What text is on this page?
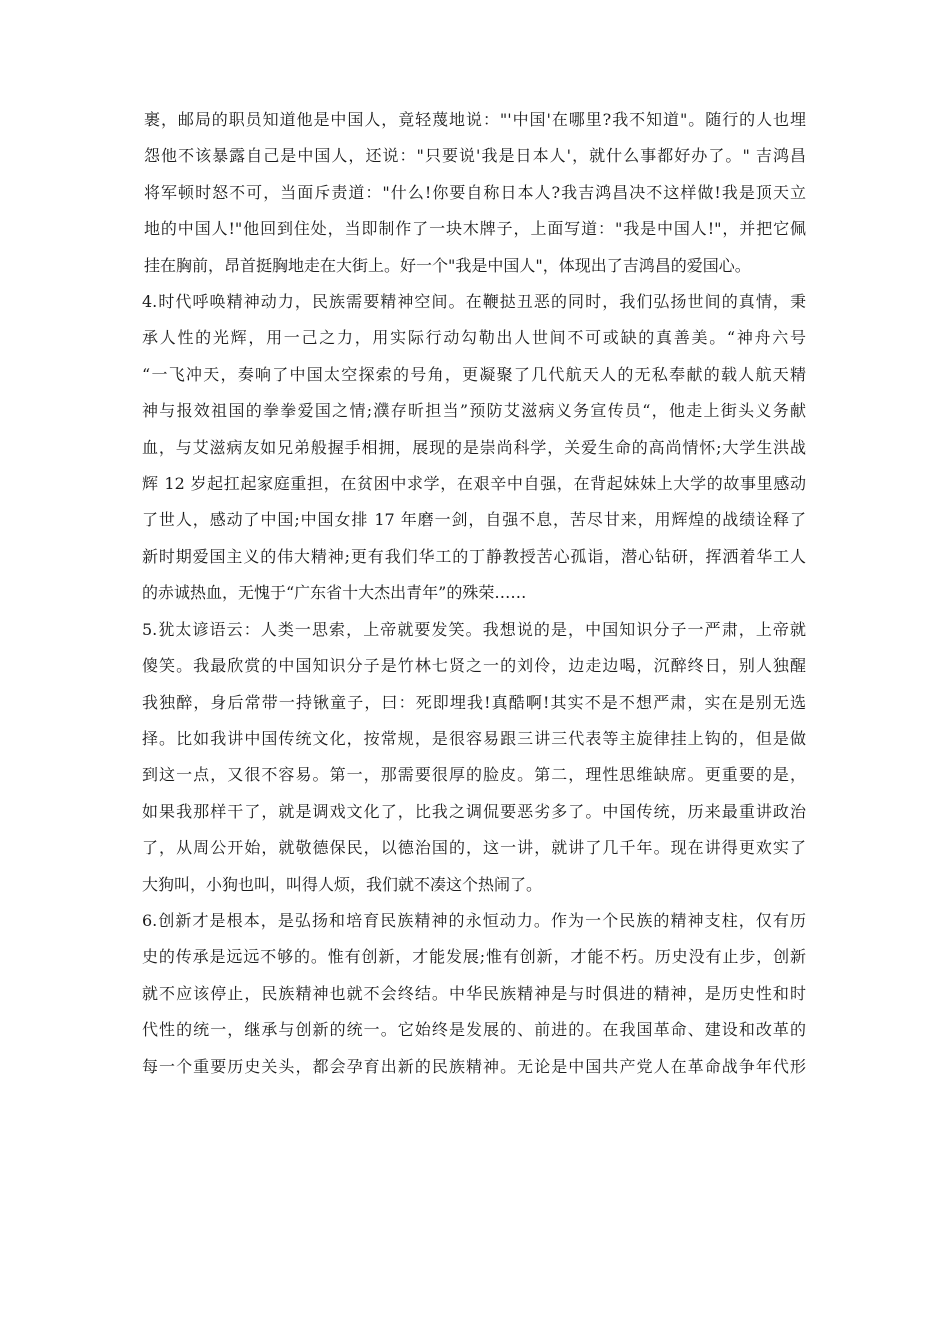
裹，邮局的职员知道他是中国人，竟轻蔑地说："'中国'在哪里?我不知道"。随行的人也埋
怨他不该暴露自己是中国人，还说："只要说'我是日本人'，就什么事都好办了。" 吉鸿昌
将军顿时怒不可，当面斥责道："什么!你要自称日本人?我吉鸿昌决不这样做!我是顶天立
地的中国人!"他回到住处，当即制作了一块木牌子，上面写道："我是中国人!"，并把它佩
挂在胸前，昂首挺胸地走在大街上。好一个"我是中国人"，体现出了吉鸿昌的爱国心。
4.时代呼唤精神动力，民族需要精神空间。在鞭挞丑恶的同时，我们弘扬世间的真情，秉
承人性的光辉，用一己之力，用实际行动勾勒出人世间不可或缺的真善美。“神舟六号
“一飞冲天，奏响了中国太空探索的号角，更凝聚了几代航天人的无私奉献的载人航天精
神与报效祖国的拳拳爱国之情;濮存昕担当”预防艾滋病义务宣传员“，他走上街头义务献
血，与艾滋病友如兄弟般握手相拥，展现的是崇尚科学，关爱生命的高尚情怀;大学生洪战
辉 12 岁起扛起家庭重担，在贫困中求学，在艰辛中自强，在背起妹妹上大学的故事里感动
了世人，感动了中国;中国女排 17 年磨一剑，自强不息，苦尽甘来，用辉煌的战绩诠释了
新时期爱国主义的伟大精神;更有我们华工的丁静教授苦心孤诣，潜心钻研，挥洒着华工人
的赤诚热血，无愧于“广东省十大杰出青年”的殊荣……
5.犹太谚语云：人类一思索，上帝就要发笑。我想说的是，中国知识分子一严肃，上帝就
傻笑。我最欣赏的中国知识分子是竹林七贤之一的刘伶，边走边喝，沉醉终日，别人独醒
我独醉，身后常带一持锹童子，曰：死即埋我!真酷啊!其实不是不想严肃，实在是别无选
择。比如我讲中国传统文化，按常规，是很容易跟三讲三代表等主旋律挂上钩的，但是做
到这一点，又很不容易。第一，那需要很厚的脸皮。第二，理性思维缺席。更重要的是，
如果我那样干了，就是调戏文化了，比我之调侃要恶劣多了。中国传统，历来最重讲政治
了，从周公开始，就敬德保民，以德治国的，这一讲，就讲了几千年。现在讲得更欢实了
大狗叫，小狗也叫，叫得人烦，我们就不凑这个热闹了。
6.创新才是根本，是弘扬和培育民族精神的永恒动力。作为一个民族的精神支柱，仅有历
史的传承是远远不够的。惟有创新，才能发展;惟有创新，才能不朽。历史没有止步，创新
就不应该停止，民族精神也就不会终结。中华民族精神是与时俱进的精神，是历史性和时
代性的统一，继承与创新的统一。它始终是发展的、前进的。在我国革命、建设和改革的
每一个重要历史关头，都会孕育出新的民族精神。无论是中国共产党人在革命战争年代形
